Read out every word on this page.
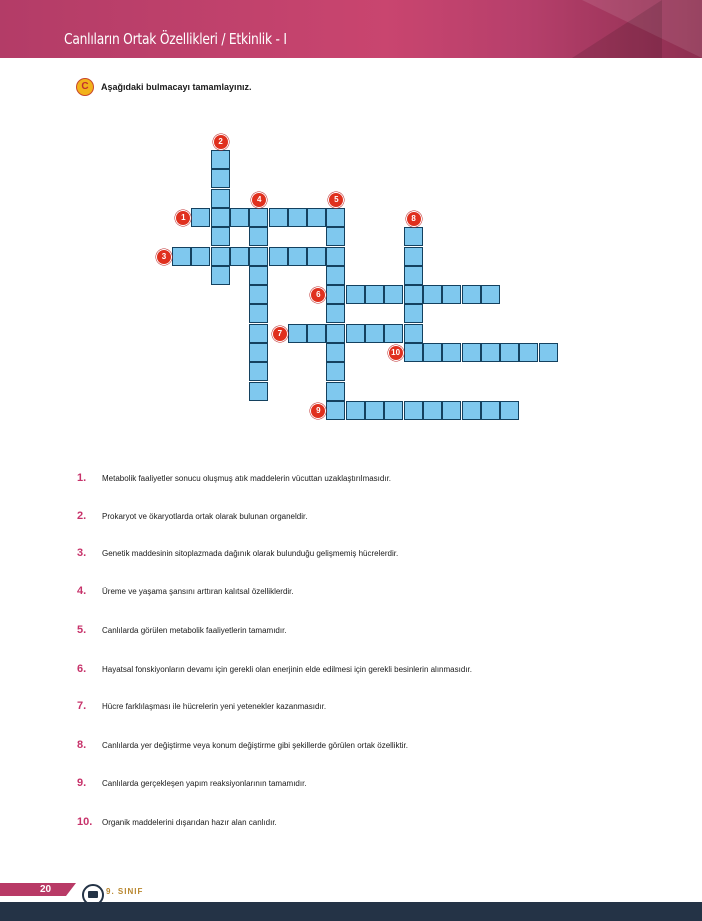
Canlıların Ortak Özellikleri / Etkinlik - I
C	Aşağıdaki bulmacayı tamamlayınız.
1
2
3
4	5
6
7
8
9
10
1.	Metabolik faaliyetler sonucu oluşmuş atık maddelerin vücuttan uzaklaştırılmasıdır.
2.	Prokaryot ve ökaryotlarda ortak olarak bulunan organeldir.
3.	Genetik maddesinin sitoplazmada dağınık olarak bulunduğu gelişmemiş hücrelerdir.
4.	Üreme ve yaşama şansını arttıran kalıtsal özelliklerdir.
5.	Canlılarda görülen metabolik faaliyetlerin tamamıdır.
6.	Hayatsal fonskiyonların devamı için gerekli olan enerjinin elde edilmesi için gerekli besinlerin alınmasıdır.
7.	Hücre farklılaşması ile hücrelerin yeni yetenekler kazanmasıdır.
8.	Canlılarda yer değiştirme veya konum değiştirme gibi şekillerde görülen ortak özelliktir.
9.	Canlılarda gerçekleşen yapım reaksiyonlarının tamamıdır.
10.	Organik maddelerini dışarıdan hazır alan canlıdır.
20	9. SINIF
